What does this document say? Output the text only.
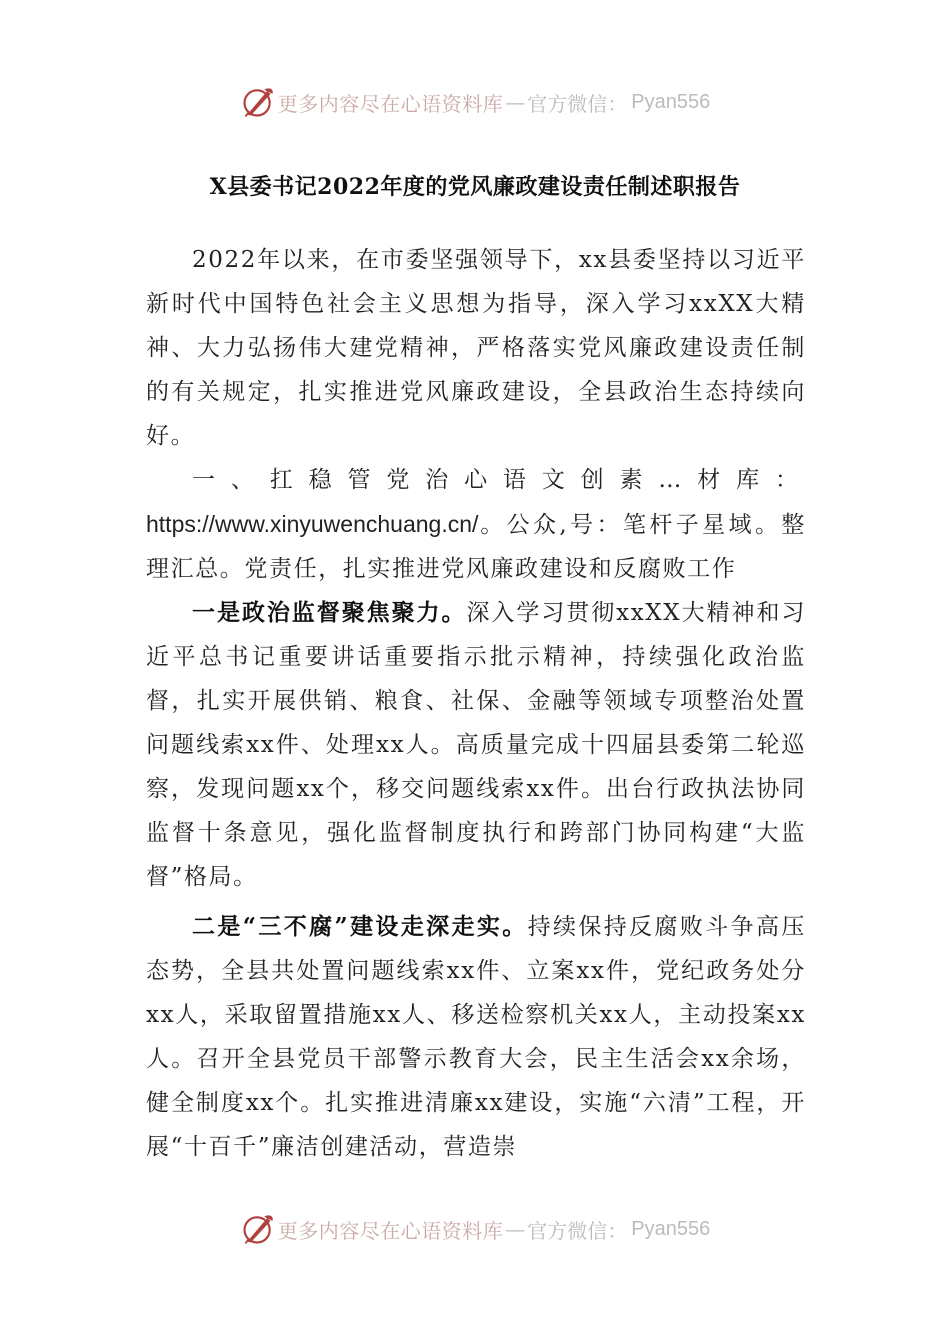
更多内容尽在心语资料库 — 官方微信： Pyan556
X县委书记2022年度的党风廉政建设责任制述职报告

2022年以来，在市委坚强领导下，xx县委坚持以习近平新时代中国特色社会主义思想为指导，深入学习xxXX大精神、大力弘扬伟大建党精神，严格落实党风廉政建设责任制的有关规定，扎实推进党风廉政建设，全县政治生态持续向好。

一、扛稳管党治心语文创素…材库：https://www.xinyuwenchuang.cn/。公众,号：笔杆子星域。整理汇总。党责任，扎实推进党风廉政建设和反腐败工作

一是政治监督聚焦聚力。深入学习贯彻xxXX大精神和习近平总书记重要讲话重要指示批示精神，持续强化政治监督，扎实开展供销、粮食、社保、金融等领域专项整治处置问题线索xx件、处理xx人。高质量完成十四届县委第二轮巡察，发现问题xx个，移交问题线索xx件。出台行政执法协同监督十条意见，强化监督制度执行和跨部门协同构建“大监督”格局。

二是“三不腐”建设走深走实。持续保持反腐败斗争高压态势，全县共处置问题线索xx件、立案xx件，党纪政务处分xx人，采取留置措施xx人、移送检察机关xx人，主动投案xx人。召开全县党员干部警示教育大会，民主生活会xx余场，健全制度xx个。扎实推进清廉xx建设，实施“六清”工程，开展“十百千”廉洁创建活动，营造崇

更多内容尽在心语资料库 — 官方微信： Pyan556
